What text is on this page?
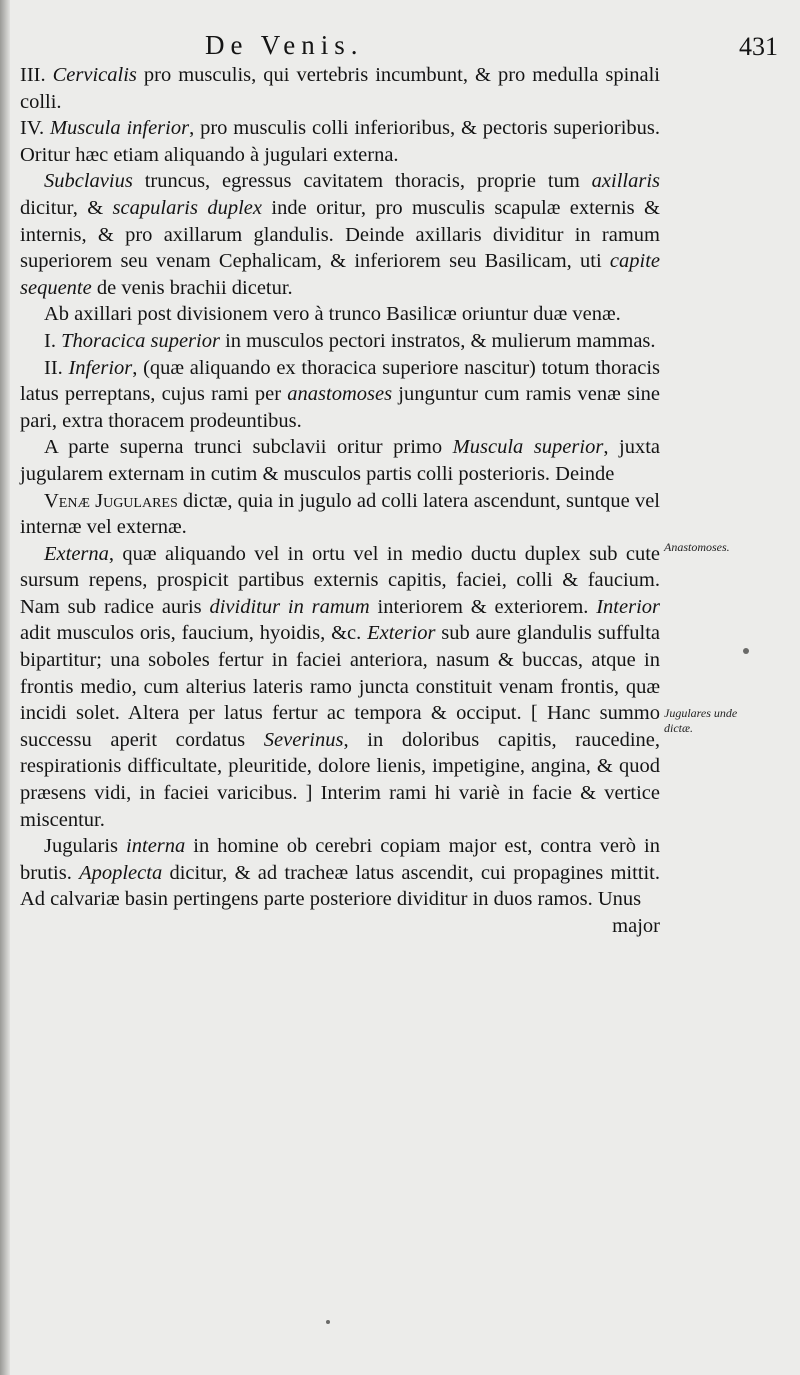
De Venis.	431

III. Cervicalis pro musculis, qui vertebris incumbunt, & pro medulla spinali colli.

IV. Muscula inferior, pro musculis colli inferioribus, & pectoris superioribus. Oritur hæc etiam aliquando à jugulari externa.

Subclavius truncus, egressus cavitatem thoracis, proprie tum axillaris dicitur, & scapularis duplex inde oritur, pro musculis scapulæ externis & internis, & pro axillarum glandulis. Deinde axillaris dividitur in ramum superiorem seu venam Cephalicam, & inferiorem seu Basilicam, uti capite sequente de venis brachii dicetur.

Ab axillari post divisionem vero à trunco Basilicæ oriuntur duæ venæ.

I. Thoracica superior in musculos pectori instratos, & mulierum mammas.

II. Inferior, (quæ aliquando ex thoracica superiore nascitur) totum thoracis latus perreptans, cujus rami per anastomoses junguntur cum ramis venæ sine pari, extra thoracem prodeuntibus.

A parte superna trunci subclavii oritur primo Muscula superior, juxta jugularem externam in cutim & musculos partis colli posterioris. Deinde

Venæ Jugulares dictæ, quia in jugulo ad colli latera ascendunt, suntque vel internæ vel externæ.

Externa, quæ aliquando vel in ortu vel in medio ductu duplex sub cute sursum repens, prospicit partibus externis capitis, faciei, colli & faucium. Nam sub radice auris dividitur in ramum interiorem & exteriorem. Interior adit musculos oris, faucium, hyoidis, &c. Exterior sub aure glandulis suffulta bipartitur; una soboles fertur in faciei anteriora, nasum & buccas, atque in frontis medio, cum alterius lateris ramo juncta constituit venam frontis, quæ incidi solet. Altera per latus fertur ac tempora & occiput. [ Hanc summo successu aperit cordatus Severinus, in doloribus capitis, raucedine, respirationis difficultate, pleuritide, dolore lienis, impetigine, angina, & quod præsens vidi, in faciei varicibus. ] Interim rami hi variè in facie & vertice miscentur.

Jugularis interna in homine ob cerebri copiam major est, contra verò in brutis. Apoplecta dicitur, & ad tracheæ latus ascendit, cui propagines mittit. Ad calvariæ basin pertingens parte posteriore dividitur in duos ramos. Unus

major

Anastomoses.
Jugulares unde dictæ.
